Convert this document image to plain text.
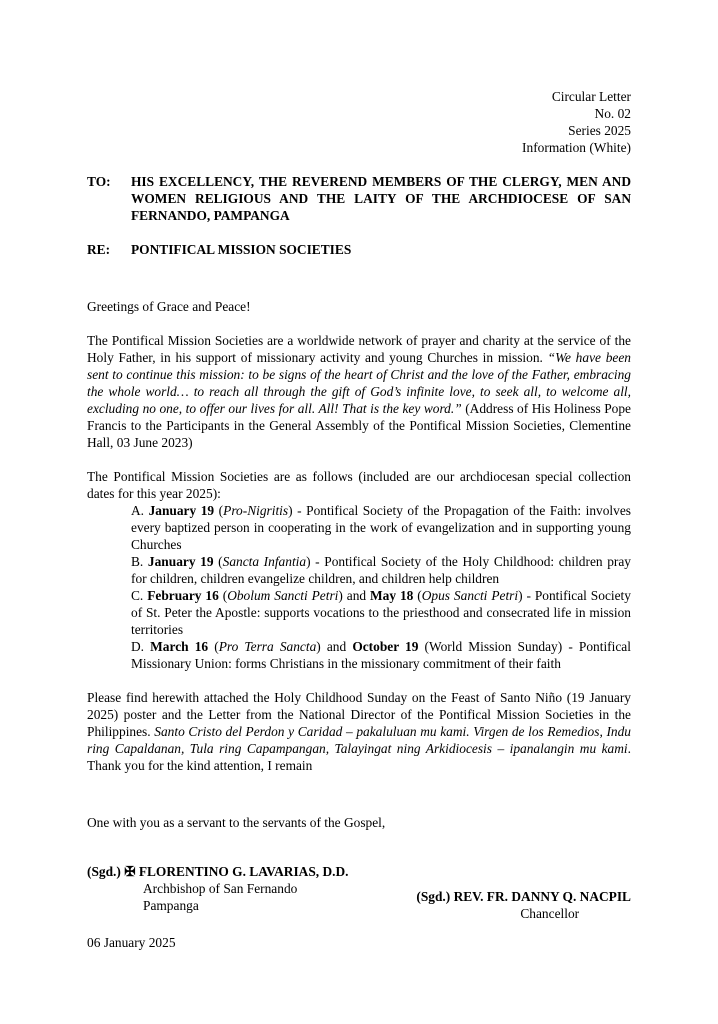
Circular Letter
No. 02
Series 2025
Information (White)
TO:	HIS EXCELLENCY, THE REVEREND MEMBERS OF THE CLERGY, MEN AND WOMEN RELIGIOUS AND THE LAITY OF THE ARCHDIOCESE OF SAN FERNANDO, PAMPANGA
RE:	PONTIFICAL MISSION SOCIETIES

Greetings of Grace and Peace!

The Pontifical Mission Societies are a worldwide network of prayer and charity at the service of the Holy Father, in his support of missionary activity and young Churches in mission. “We have been sent to continue this mission: to be signs of the heart of Christ and the love of the Father, embracing the whole world… to reach all through the gift of God’s infinite love, to seek all, to welcome all, excluding no one, to offer our lives for all. All! That is the key word.” (Address of His Holiness Pope Francis to the Participants in the General Assembly of the Pontifical Mission Societies, Clementine Hall, 03 June 2023)

The Pontifical Mission Societies are as follows (included are our archdiocesan special collection dates for this year 2025):

A. January 19 (Pro-Nigritis) - Pontifical Society of the Propagation of the Faith: involves every baptized person in cooperating in the work of evangelization and in supporting young Churches
B. January 19 (Sancta Infantia) - Pontifical Society of the Holy Childhood: children pray for children, children evangelize children, and children help children
C. February 16 (Obolum Sancti Petri) and May 18 (Opus Sancti Petri) - Pontifical Society of St. Peter the Apostle: supports vocations to the priesthood and consecrated life in mission territories
D. March 16 (Pro Terra Sancta) and October 19 (World Mission Sunday) - Pontifical Missionary Union: forms Christians in the missionary commitment of their faith

Please find herewith attached the Holy Childhood Sunday on the Feast of Santo Niño (19 January 2025) poster and the Letter from the National Director of the Pontifical Mission Societies in the Philippines. Santo Cristo del Perdon y Caridad – pakaluluan mu kami. Virgen de los Remedios, Indu ring Capaldanan, Tula ring Capampangan, Talayingat ning Arkidiocesis – ipanalangin mu kami. Thank you for the kind attention, I remain

One with you as a servant to the servants of the Gospel,

(Sgd.) ✠ FLORENTINO G. LAVARIAS, D.D.
Archbishop of San Fernando
Pampanga
(Sgd.) REV. FR. DANNY Q. NACPIL
Chancellor
06 January 2025
